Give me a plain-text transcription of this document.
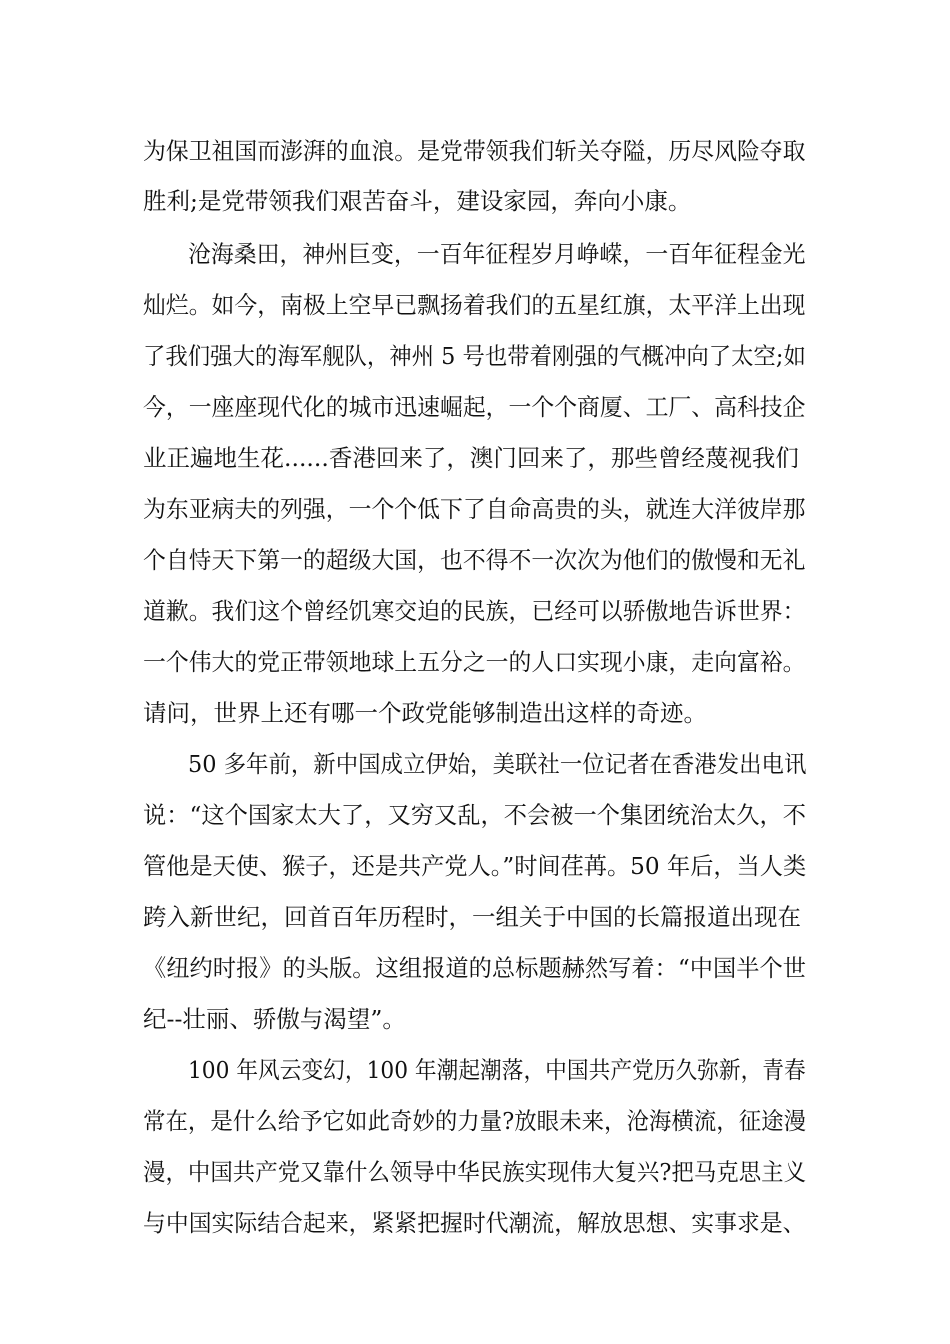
为保卫祖国而澎湃的血浪。是党带领我们斩关夺隘，历尽风险夺取
胜利;是党带领我们艰苦奋斗，建设家园，奔向小康。
沧海桑田，神州巨变，一百年征程岁月峥嵘，一百年征程金光
灿烂。如今，南极上空早已飘扬着我们的五星红旗，太平洋上出现
了我们强大的海军舰队，神州 5 号也带着刚强的气概冲向了太空;如
今，一座座现代化的城市迅速崛起，一个个商厦、工厂、高科技企
业正遍地生花......香港回来了，澳门回来了，那些曾经蔑视我们
为东亚病夫的列强，一个个低下了自命高贵的头，就连大洋彼岸那
个自恃天下第一的超级大国，也不得不一次次为他们的傲慢和无礼
道歉。我们这个曾经饥寒交迫的民族，已经可以骄傲地告诉世界：
一个伟大的党正带领地球上五分之一的人口实现小康，走向富裕。
请问，世界上还有哪一个政党能够制造出这样的奇迹。
50 多年前，新中国成立伊始，美联社一位记者在香港发出电讯
说：“这个国家太大了，又穷又乱，不会被一个集团统治太久，不
管他是天使、猴子，还是共产党人。”时间荏苒。50 年后，当人类
跨入新世纪，回首百年历程时，一组关于中国的长篇报道出现在
《纽约时报》的头版。这组报道的总标题赫然写着：“中国半个世
纪--壮丽、骄傲与渴望”。
100 年风云变幻，100 年潮起潮落，中国共产党历久弥新，青春
常在，是什么给予它如此奇妙的力量?放眼未来，沧海横流，征途漫
漫，中国共产党又靠什么领导中华民族实现伟大复兴?把马克思主义
与中国实际结合起来，紧紧把握时代潮流，解放思想、实事求是、
